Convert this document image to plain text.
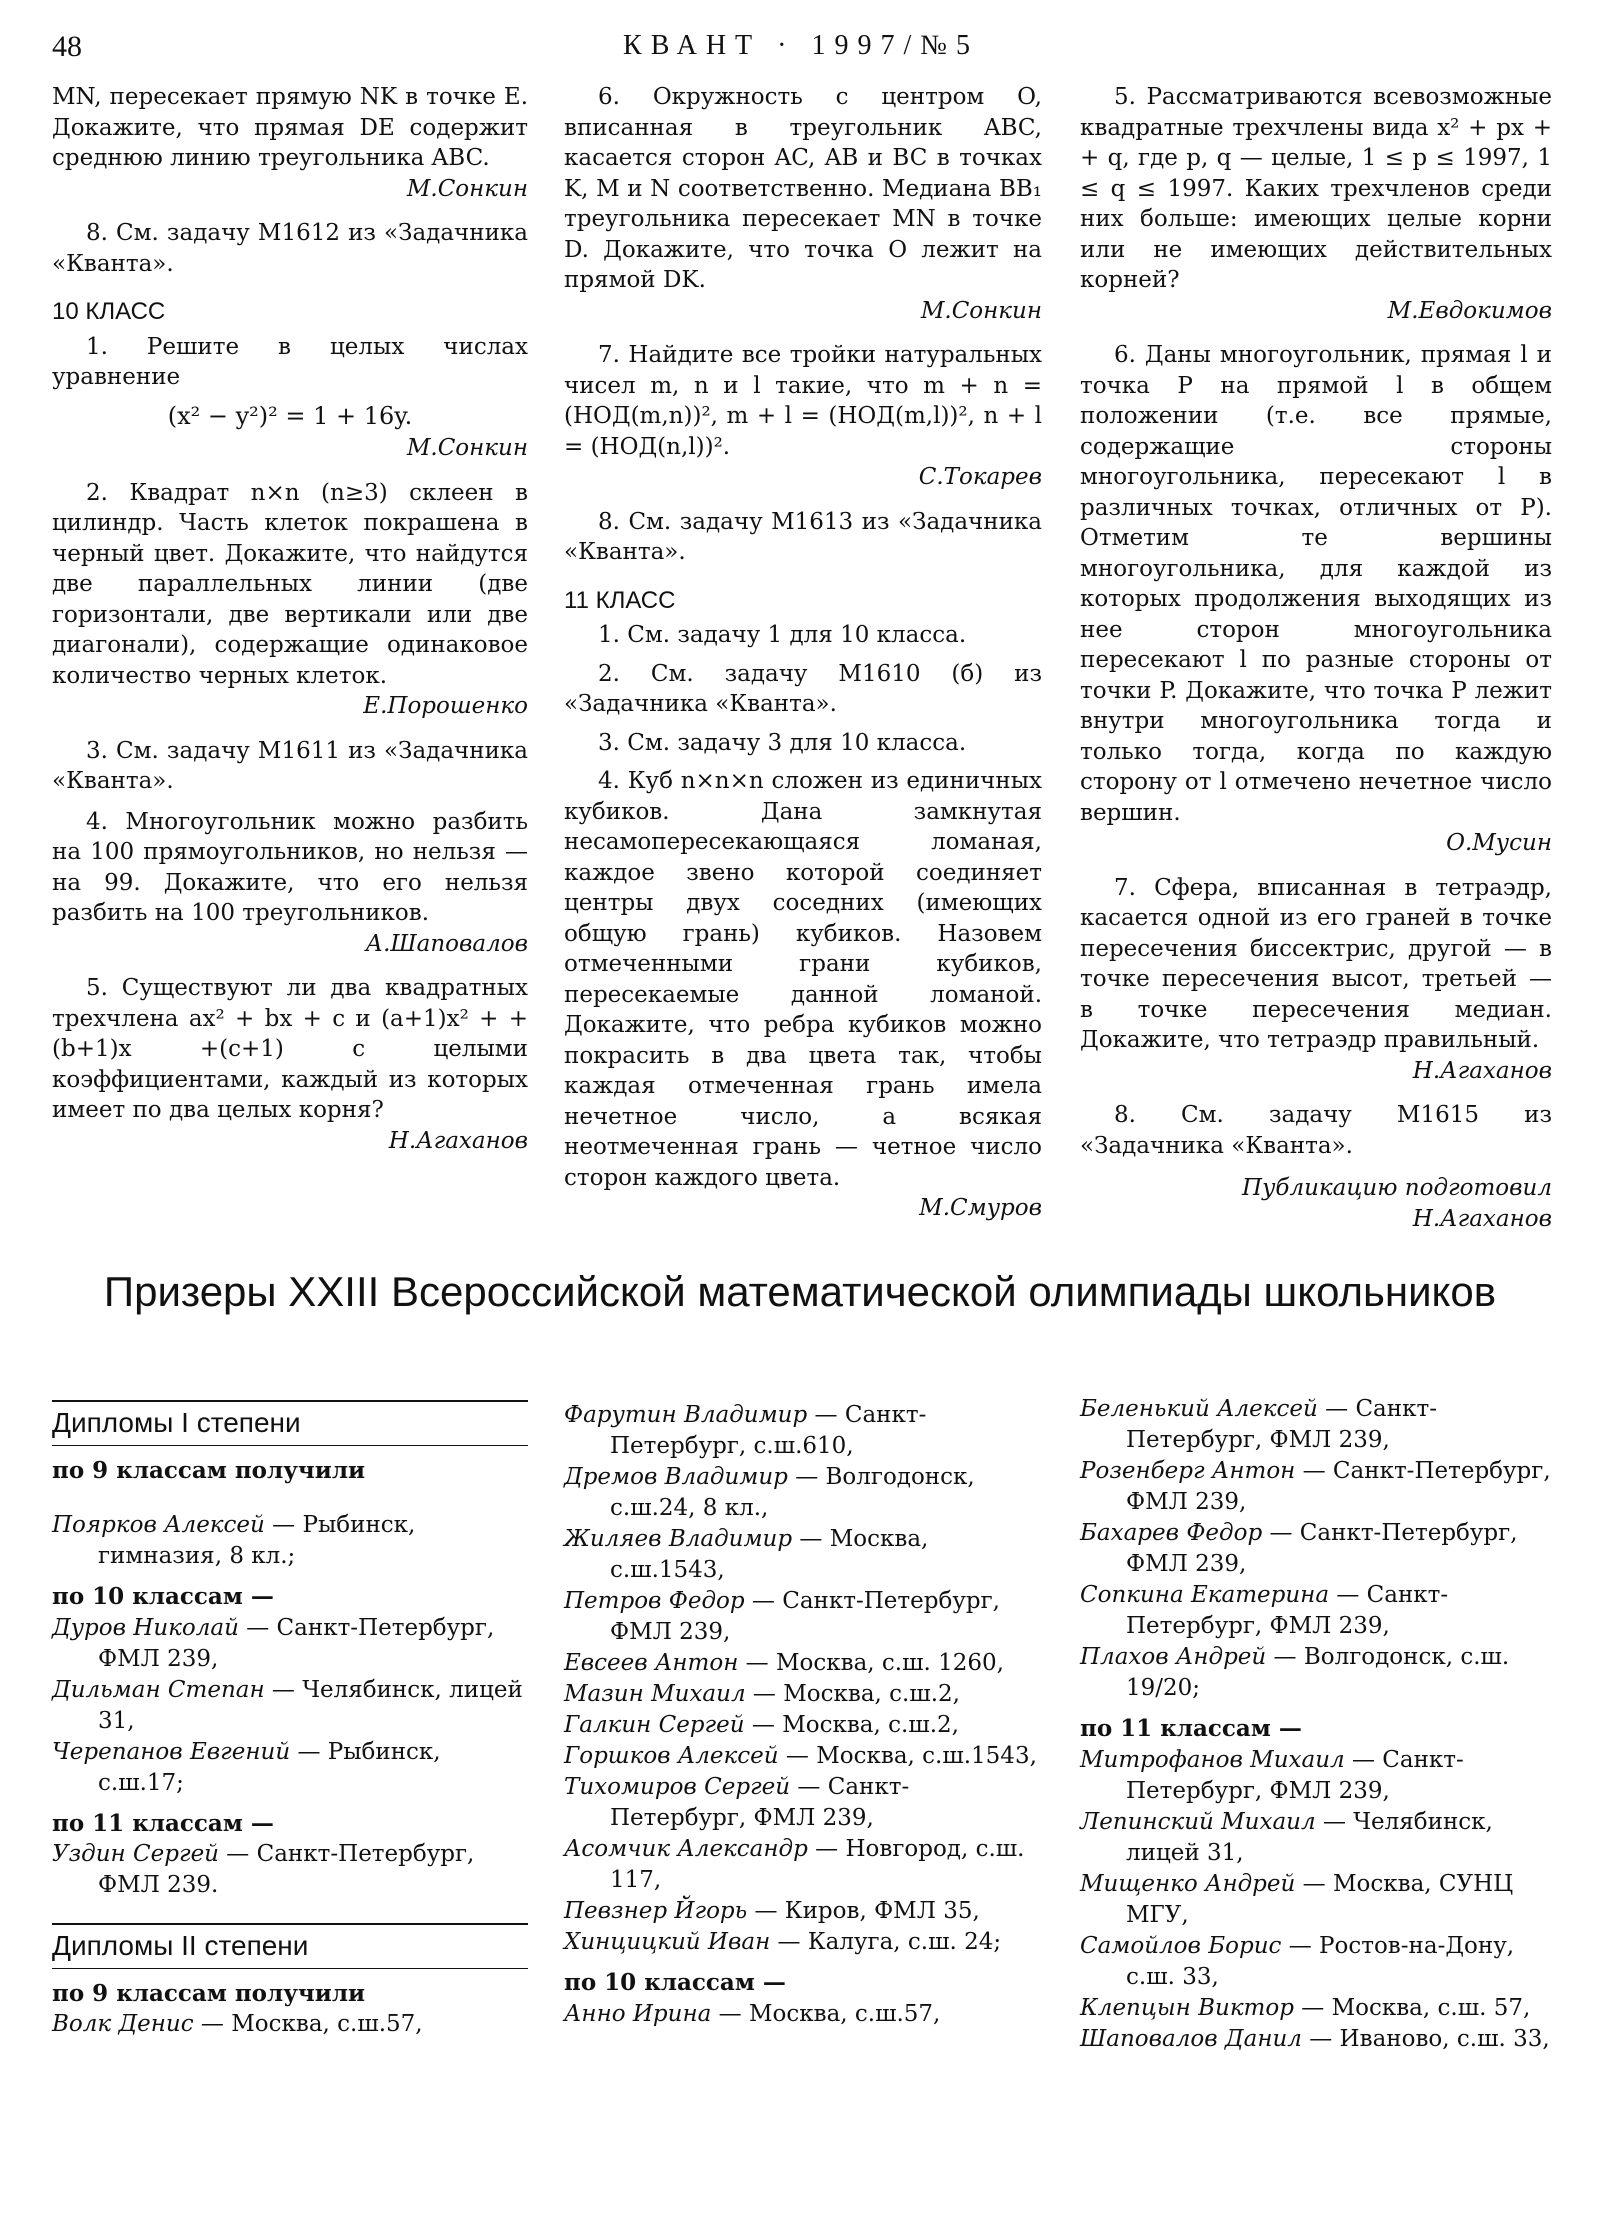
48	КВАНТ · 1997/№5

MN, пересекает прямую NK в точке E. Докажите, что прямая DE содержит среднюю линию треугольника ABC.

М.Сонкин

8. См. задачу М1612 из «Задачника «Кванта».

10 КЛАСС

1. Решите в целых числах уравнение

(x² − y²)² = 1 + 16y.

М.Сонкин

2. Квадрат n×n (n≥3) склеен в цилиндр. Часть клеток покрашена в черный цвет. Докажите, что найдутся две параллельных линии (две горизонтали, две вертикали или две диагонали), содержащие одинаковое количество черных клеток.

Е.Порошенко

3. См. задачу М1611 из «Задачника «Кванта».

4. Многоугольник можно разбить на 100 прямоугольников, но нельзя — на 99. Докажите, что его нельзя разбить на 100 треугольников.

А.Шаповалов

5. Существуют ли два квадратных трехчлена ax² + bx + c и (a+1)x² + + (b+1)x +(c+1) с целыми коэффициентами, каждый из которых имеет по два целых корня?

Н.Агаханов

6. Окружность с центром O, вписанная в треугольник ABC, касается сторон AC, AB и BC в точках K, M и N соответственно. Медиана BB₁ треугольника пересекает MN в точке D. Докажите, что точка O лежит на прямой DK.

М.Сонкин

7. Найдите все тройки натуральных чисел m, n и l такие, что m + n = (НОД(m,n))², m + l = (НОД(m,l))², n + l = (НОД(n,l))².

С.Токарев

8. См. задачу М1613 из «Задачника «Кванта».

11 КЛАСС

1. См. задачу 1 для 10 класса.

2. См. задачу М1610 (б) из «Задачника «Кванта».

3. См. задачу 3 для 10 класса.

4. Куб n×n×n сложен из единичных кубиков. Дана замкнутая несамопересекающаяся ломаная, каждое звено которой соединяет центры двух соседних (имеющих общую грань) кубиков. Назовем отмеченными грани кубиков, пересекаемые данной ломаной. Докажите, что ребра кубиков можно покрасить в два цвета так, чтобы каждая отмеченная грань имела нечетное число, а всякая неотмеченная грань — четное число сторон каждого цвета.

М.Смуров

5. Рассматриваются всевозможные квадратные трехчлены вида x² + px + + q, где p, q — целые, 1 ≤ p ≤ 1997, 1 ≤ q ≤ 1997. Каких трехчленов среди них больше: имеющих целые корни или не имеющих действительных корней?

М.Евдокимов

6. Даны многоугольник, прямая l и точка P на прямой l в общем положении (т.е. все прямые, содержащие стороны многоугольника, пересекают l в различных точках, отличных от P). Отметим те вершины многоугольника, для каждой из которых продолжения выходящих из нее сторон многоугольника пересекают l по разные стороны от точки P. Докажите, что точка P лежит внутри многоугольника тогда и только тогда, когда по каждую сторону от l отмечено нечетное число вершин.

О.Мусин

7. Сфера, вписанная в тетраэдр, касается одной из его граней в точке пересечения биссектрис, другой — в точке пересечения высот, третьей — в точке пересечения медиан. Докажите, что тетраэдр правильный.

Н.Агаханов

8. См. задачу М1615 из «Задачника «Кванта».

Публикацию подготовил

Н.Агаханов

Призеры XXIII Всероссийской математической олимпиады школьников

Дипломы I степени

по 9 классам получили

Поярков Алексей — Рыбинск, гимназия, 8 кл.;

по 10 классам —

Дуров Николай — Санкт-Петербург, ФМЛ 239,

Дильман Степан — Челябинск, лицей 31,

Черепанов Евгений — Рыбинск, с.ш.17;

по 11 классам —

Уздин Сергей — Санкт-Петербург, ФМЛ 239.

Дипломы II степени

по 9 классам получили

Волк Денис — Москва, с.ш.57,

Фарутин Владимир — Санкт-Петербург, с.ш.610,

Дремов Владимир — Волгодонск, с.ш.24, 8 кл.,

Жиляев Владимир — Москва, с.ш.1543,

Петров Федор — Санкт-Петербург, ФМЛ 239,

Евсеев Антон — Москва, с.ш. 1260,

Мазин Михаил — Москва, с.ш.2,

Галкин Сергей — Москва, с.ш.2,

Горшков Алексей — Москва, с.ш.1543,

Тихомиров Сергей — Санкт-Петербург, ФМЛ 239,

Асомчик Александр — Новгород, с.ш. 117,

Певзнер Йгорь — Киров, ФМЛ 35,

Хинцицкий Иван — Калуга, с.ш. 24;

по 10 классам —

Анно Ирина — Москва, с.ш.57,

Беленький Алексей — Санкт-Петербург, ФМЛ 239,

Розенберг Антон — Санкт-Петербург, ФМЛ 239,

Бахарев Федор — Санкт-Петербург, ФМЛ 239,

Сопкина Екатерина — Санкт-Петербург, ФМЛ 239,

Плахов Андрей — Волгодонск, с.ш. 19/20;

по 11 классам —

Митрофанов Михаил — Санкт-Петербург, ФМЛ 239,

Лепинский Михаил — Челябинск, лицей 31,

Мищенко Андрей — Москва, СУНЦ МГУ,

Самойлов Борис — Ростов-на-Дону, с.ш. 33,

Клепцын Виктор — Москва, с.ш. 57,

Шаповалов Данил — Иваново, с.ш. 33,
